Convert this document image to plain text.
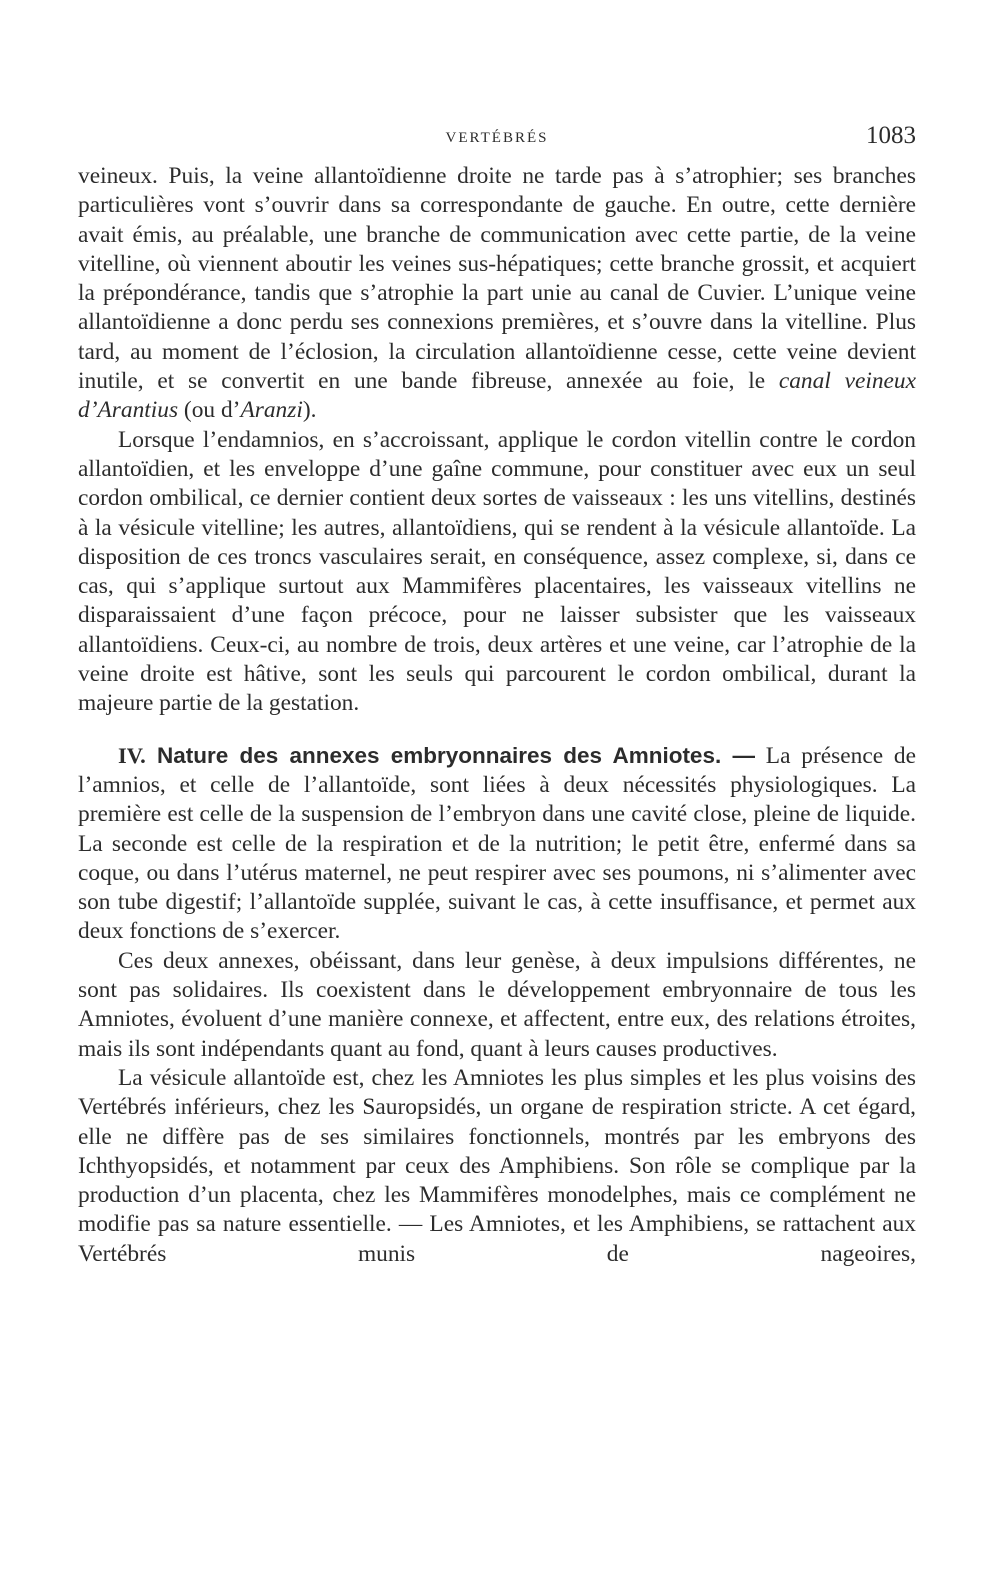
VERTÉBRÉS	1083

veineux. Puis, la veine allantoïdienne droite ne tarde pas à s’atrophier; ses branches particulières vont s’ouvrir dans sa correspondante de gauche. En outre, cette dernière avait émis, au préalable, une branche de communication avec cette partie, de la veine vitelline, où viennent aboutir les veines sus-hépatiques; cette branche grossit, et acquiert la prépondérance, tandis que s’atrophie la part unie au canal de Cuvier. L’unique veine allantoïdienne a donc perdu ses connexions premières, et s’ouvre dans la vitelline. Plus tard, au moment de l’éclosion, la circulation allantoïdienne cesse, cette veine devient inutile, et se convertit en une bande fibreuse, annexée au foie, le canal veineux d’Arantius (ou d’Aranzi).

Lorsque l’endamnios, en s’accroissant, applique le cordon vitellin contre le cordon allantoïdien, et les enveloppe d’une gaîne commune, pour constituer avec eux un seul cordon ombilical, ce dernier contient deux sortes de vaisseaux : les uns vitellins, destinés à la vésicule vitelline; les autres, allantoïdiens, qui se rendent à la vésicule allantoïde. La disposition de ces troncs vasculaires serait, en conséquence, assez complexe, si, dans ce cas, qui s’applique surtout aux Mammifères placentaires, les vaisseaux vitellins ne disparaissaient d’une façon précoce, pour ne laisser subsister que les vaisseaux allantoïdiens. Ceux-ci, au nombre de trois, deux artères et une veine, car l’atrophie de la veine droite est hâtive, sont les seuls qui parcourent le cordon ombilical, durant la majeure partie de la gestation.

IV. Nature des annexes embryonnaires des Amniotes. — La présence de l’amnios, et celle de l’allantoïde, sont liées à deux nécessités physiologiques. La première est celle de la suspension de l’embryon dans une cavité close, pleine de liquide. La seconde est celle de la respiration et de la nutrition; le petit être, enfermé dans sa coque, ou dans l’utérus maternel, ne peut respirer avec ses poumons, ni s’alimenter avec son tube digestif; l’allantoïde supplée, suivant le cas, à cette insuffisance, et permet aux deux fonctions de s’exercer.

Ces deux annexes, obéissant, dans leur genèse, à deux impulsions différentes, ne sont pas solidaires. Ils coexistent dans le développement embryonnaire de tous les Amniotes, évoluent d’une manière connexe, et affectent, entre eux, des relations étroites, mais ils sont indépendants quant au fond, quant à leurs causes productives.

La vésicule allantoïde est, chez les Amniotes les plus simples et les plus voisins des Vertébrés inférieurs, chez les Sauropsidés, un organe de respiration stricte. A cet égard, elle ne diffère pas de ses similaires fonctionnels, montrés par les embryons des Ichthyopsidés, et notamment par ceux des Amphibiens. Son rôle se complique par la production d’un placenta, chez les Mammifères monodelphes, mais ce complément ne modifie pas sa nature essentielle. — Les Amniotes, et les Amphibiens, se rattachent aux Vertébrés munis de nageoires,
